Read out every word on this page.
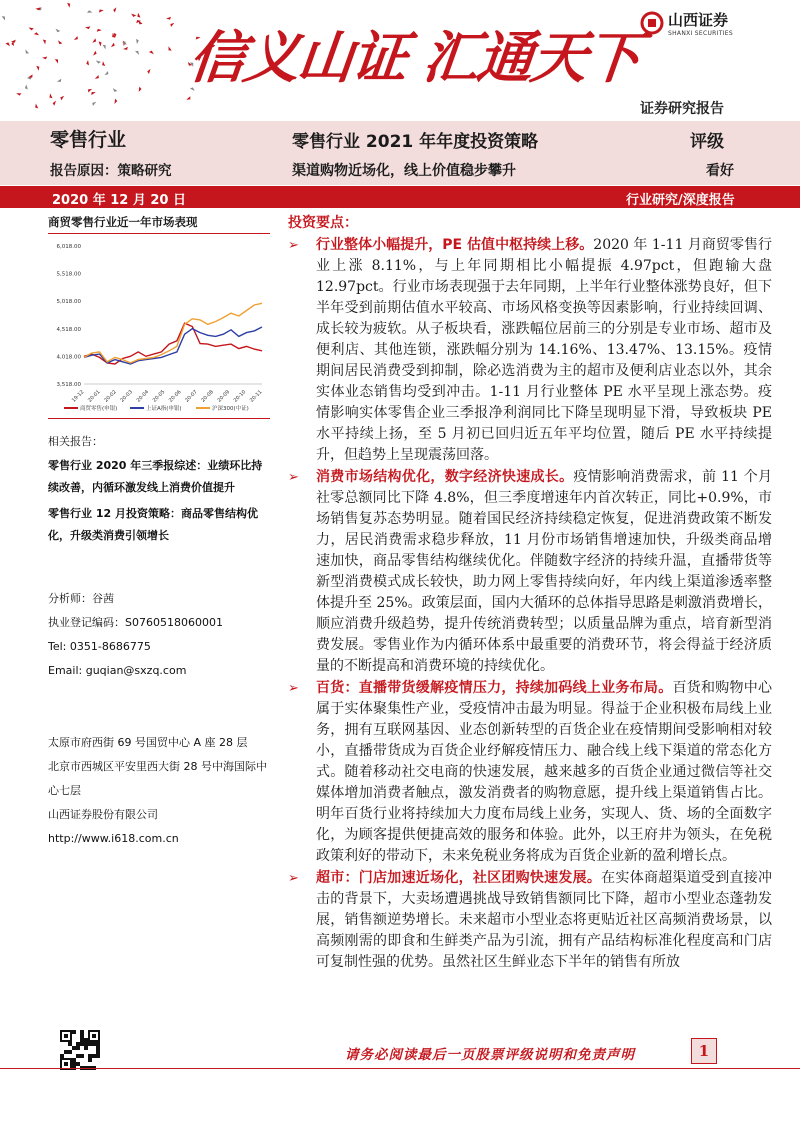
信义山证 汇通天下
山西证券
SHANXI SECURITIES
证券研究报告
零售行业	零售行业 2021 年年度投资策略	评级
报告原因：策略研究	渠道购物近场化，线上价值稳步攀升	看好
2020 年 12 月 20 日	行业研究/深度报告
商贸零售行业近一年市场表现
6,018.00
5,518.00
5,018.00
4,518.00
4,018.00
3,518.00
19-12 20-01 20-02 20-03 20-04 20-05 20-06 20-07 20-08 20-09 20-10 20-11
商贸零售(申银)	上证A指(申银)	沪深300(中证)
相关报告：
零售行业 2020 年三季报综述：业绩环比持续改善，内循环激发线上消费价值提升
零售行业 12 月投资策略：商品零售结构优化，升级类消费引领增长
分析师：谷茜
执业登记编码：S0760518060001
Tel: 0351-8686775
Email: guqian@sxzq.com
太原市府西街 69 号国贸中心 A 座 28 层
北京市西城区平安里西大街 28 号中海国际中心七层
山西证券股份有限公司
http://www.i618.com.cn
投资要点：
➢ 行业整体小幅提升，PE 估值中枢持续上移。2020 年 1-11 月商贸零售行业上涨 8.11%，与上年同期相比小幅提振 4.97pct，但跑输大盘 12.97pct。行业市场表现强于去年同期，上半年行业整体涨势良好，但下半年受到前期估值水平较高、市场风格变换等因素影响，行业持续回调、成长较为疲软。从子板块看，涨跌幅位居前三的分别是专业市场、超市及便利店、其他连锁，涨跌幅分别为 14.16%、13.47%、13.15%。疫情期间居民消费受到抑制，除必选消费为主的超市及便利店业态以外，其余实体业态销售均受到冲击。1-11 月行业整体 PE 水平呈现上涨态势。疫情影响实体零售企业三季报净利润同比下降呈现明显下滑，导致板块 PE 水平持续上扬，至 5 月初已回归近五年平均位置，随后 PE 水平持续提升，但趋势上呈现震荡回落。
➢ 消费市场结构优化，数字经济快速成长。疫情影响消费需求，前 11 个月社零总额同比下降 4.8%，但三季度增速年内首次转正，同比+0.9%，市场销售复苏态势明显。随着国民经济持续稳定恢复，促进消费政策不断发力，居民消费需求稳步释放，11 月份市场销售增速加快，升级类商品增速加快，商品零售结构继续优化。伴随数字经济的持续升温，直播带货等新型消费模式成长较快，助力网上零售持续向好，年内线上渠道渗透率整体提升至 25%。政策层面，国内大循环的总体指导思路是刺激消费增长，顺应消费升级趋势，提升传统消费转型；以质量品牌为重点，培育新型消费发展。零售业作为内循环体系中最重要的消费环节，将会得益于经济质量的不断提高和消费环境的持续优化。
➢ 百货：直播带货缓解疫情压力，持续加码线上业务布局。百货和购物中心属于实体聚集性产业，受疫情冲击最为明显。得益于企业积极布局线上业务，拥有互联网基因、业态创新转型的百货企业在疫情期间受影响相对较小，直播带货成为百货企业纾解疫情压力、融合线上线下渠道的常态化方式。随着移动社交电商的快速发展，越来越多的百货企业通过微信等社交媒体增加消费者触点，激发消费者的购物意愿，提升线上渠道销售占比。明年百货行业将持续加大力度布局线上业务，实现人、货、场的全面数字化，为顾客提供便捷高效的服务和体验。此外，以王府井为领头，在免税政策利好的带动下，未来免税业务将成为百货企业新的盈利增长点。
➢ 超市：门店加速近场化，社区团购快速发展。在实体商超渠道受到直接冲击的背景下，大卖场遭遇挑战导致销售额同比下降，超市小型业态蓬勃发展，销售额逆势增长。未来超市小型业态将更贴近社区高频消费场景，以高频刚需的即食和生鲜类产品为引流，拥有产品结构标准化程度高和门店可复制性强的优势。虽然社区生鲜业态下半年的销售有所放
请务必阅读最后一页股票评级说明和免责声明	1
